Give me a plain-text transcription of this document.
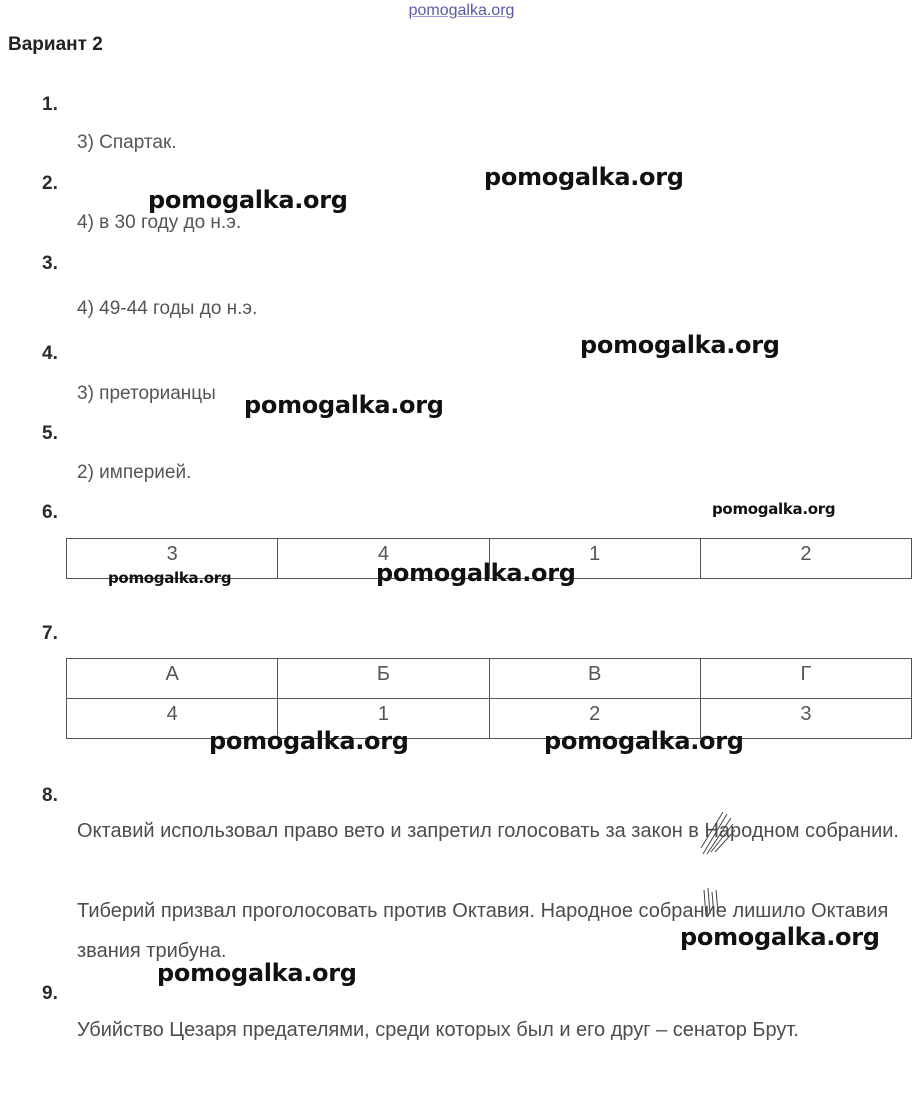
pomogalka.org
Вариант 2
1.
3) Спартак.
2.
4) в 30 году до н.э.
3.
4) 49-44 годы до н.э.
4.
3) преторианцы
5.
2) империей.
6.
3	4	1	2
7.
А	Б	В	Г
4	1	2	3
8.
Октавий использовал право вето и запретил голосовать за закон в Народном собрании.
Тиберий призвал проголосовать против Октавия. Народное собрание лишило Октавия звания трибуна.
9.
Убийство Цезаря предателями, среди которых был и его друг – сенатор Брут.
pomogalka.org
pomogalka.org
pomogalka.org
pomogalka.org
pomogalka.org
pomogalka.org	pomogalka.org
pomogalka.org	pomogalka.org
pomogalka.org
pomogalka.org
